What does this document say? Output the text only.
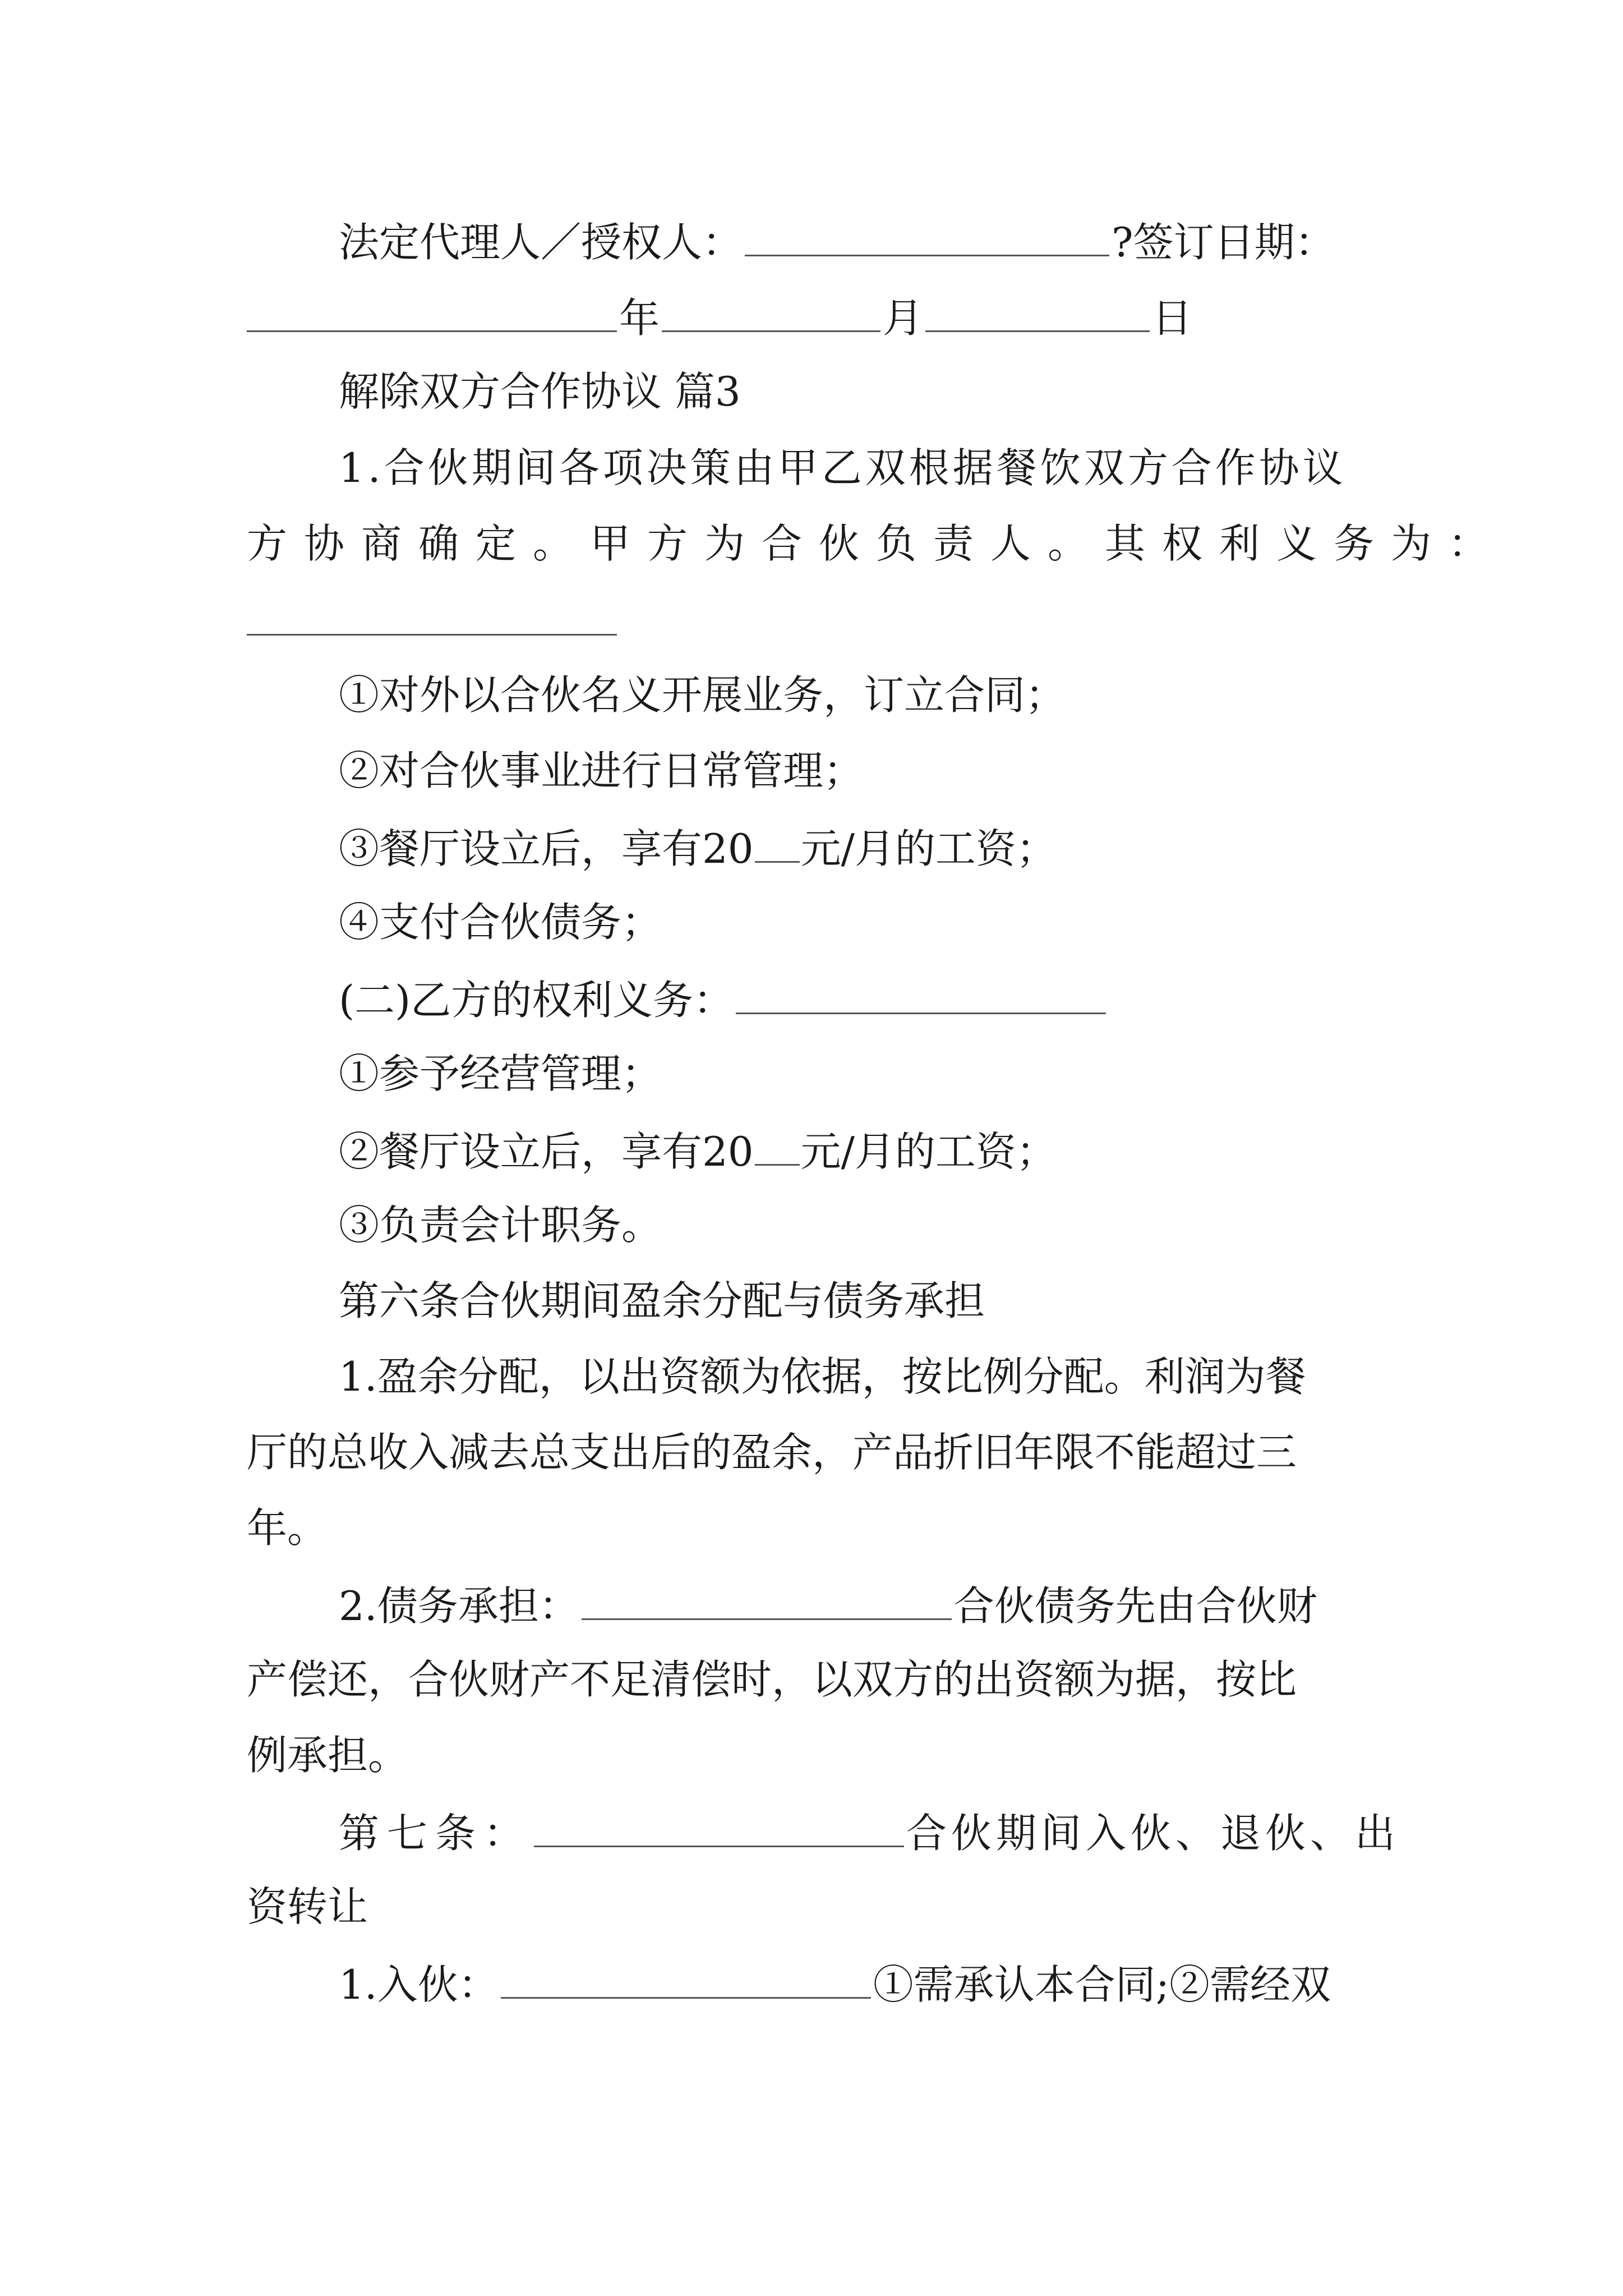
法定代理人／授权人：	?签订日期：
年	月	日
解除双方合作协议 篇3
1.合伙期间各项决策由甲乙双根据餐饮双方合作协议
方协商确定。甲方为合伙负责人。其权利义务为：
①对外以合伙名义开展业务，订立合同；
②对合伙事业进行日常管理；
③餐厅设立后，享有20 元/月的工资；
④支付合伙债务；
(二)乙方的权利义务：
①参予经营管理；
②餐厅设立后，享有20 元/月的工资；
③负责会计职务。
第六条合伙期间盈余分配与债务承担
1.盈余分配，以出资额为依据，按比例分配。利润为餐
厅的总收入减去总支出后的盈余，产品折旧年限不能超过三
年。
2.债务承担：	合伙债务先由合伙财
产偿还，合伙财产不足清偿时，以双方的出资额为据，按比
例承担。
第七条：	合伙期间入伙、退伙、出
资转让
1.入伙：	①需承认本合同;②需经双
